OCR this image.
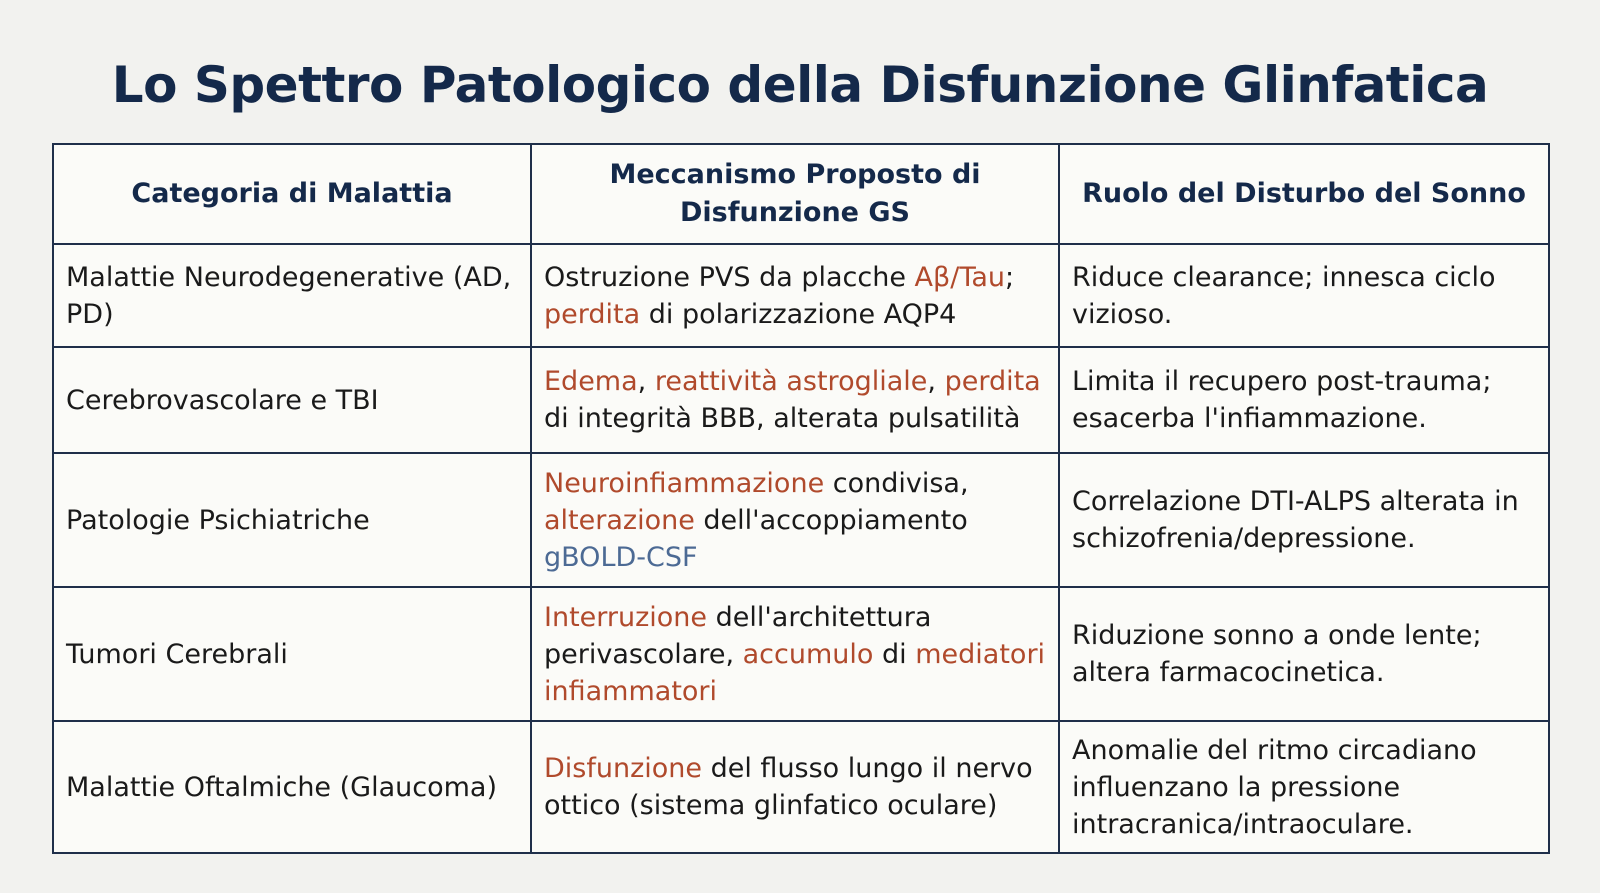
Lo Spettro Patologico della Disfunzione Glinfatica
Categoria di Malattia	Meccanismo Proposto di Disfunzione GS	Ruolo del Disturbo del Sonno
Malattie Neurodegenerative (AD, PD)	Ostruzione PVS da placche Aβ/Tau; perdita di polarizzazione AQP4	Riduce clearance; innesca ciclo vizioso.
Cerebrovascolare e TBI	Edema, reattività astrogliale, perdita di integrità BBB, alterata pulsatilità	Limita il recupero post-trauma; esacerba l'infiammazione.
Patologie Psichiatriche	Neuroinfiammazione condivisa, alterazione dell'accoppiamento gBOLD-CSF	Correlazione DTI-ALPS alterata in schizofrenia/depressione.
Tumori Cerebrali	Interruzione dell'architettura perivascolare, accumulo di mediatori infiammatori	Riduzione sonno a onde lente; altera farmacocinetica.
Malattie Oftalmiche (Glaucoma)	Disfunzione del flusso lungo il nervo ottico (sistema glinfatico oculare)	Anomalie del ritmo circadiano influenzano la pressione intracranica/intraoculare.
